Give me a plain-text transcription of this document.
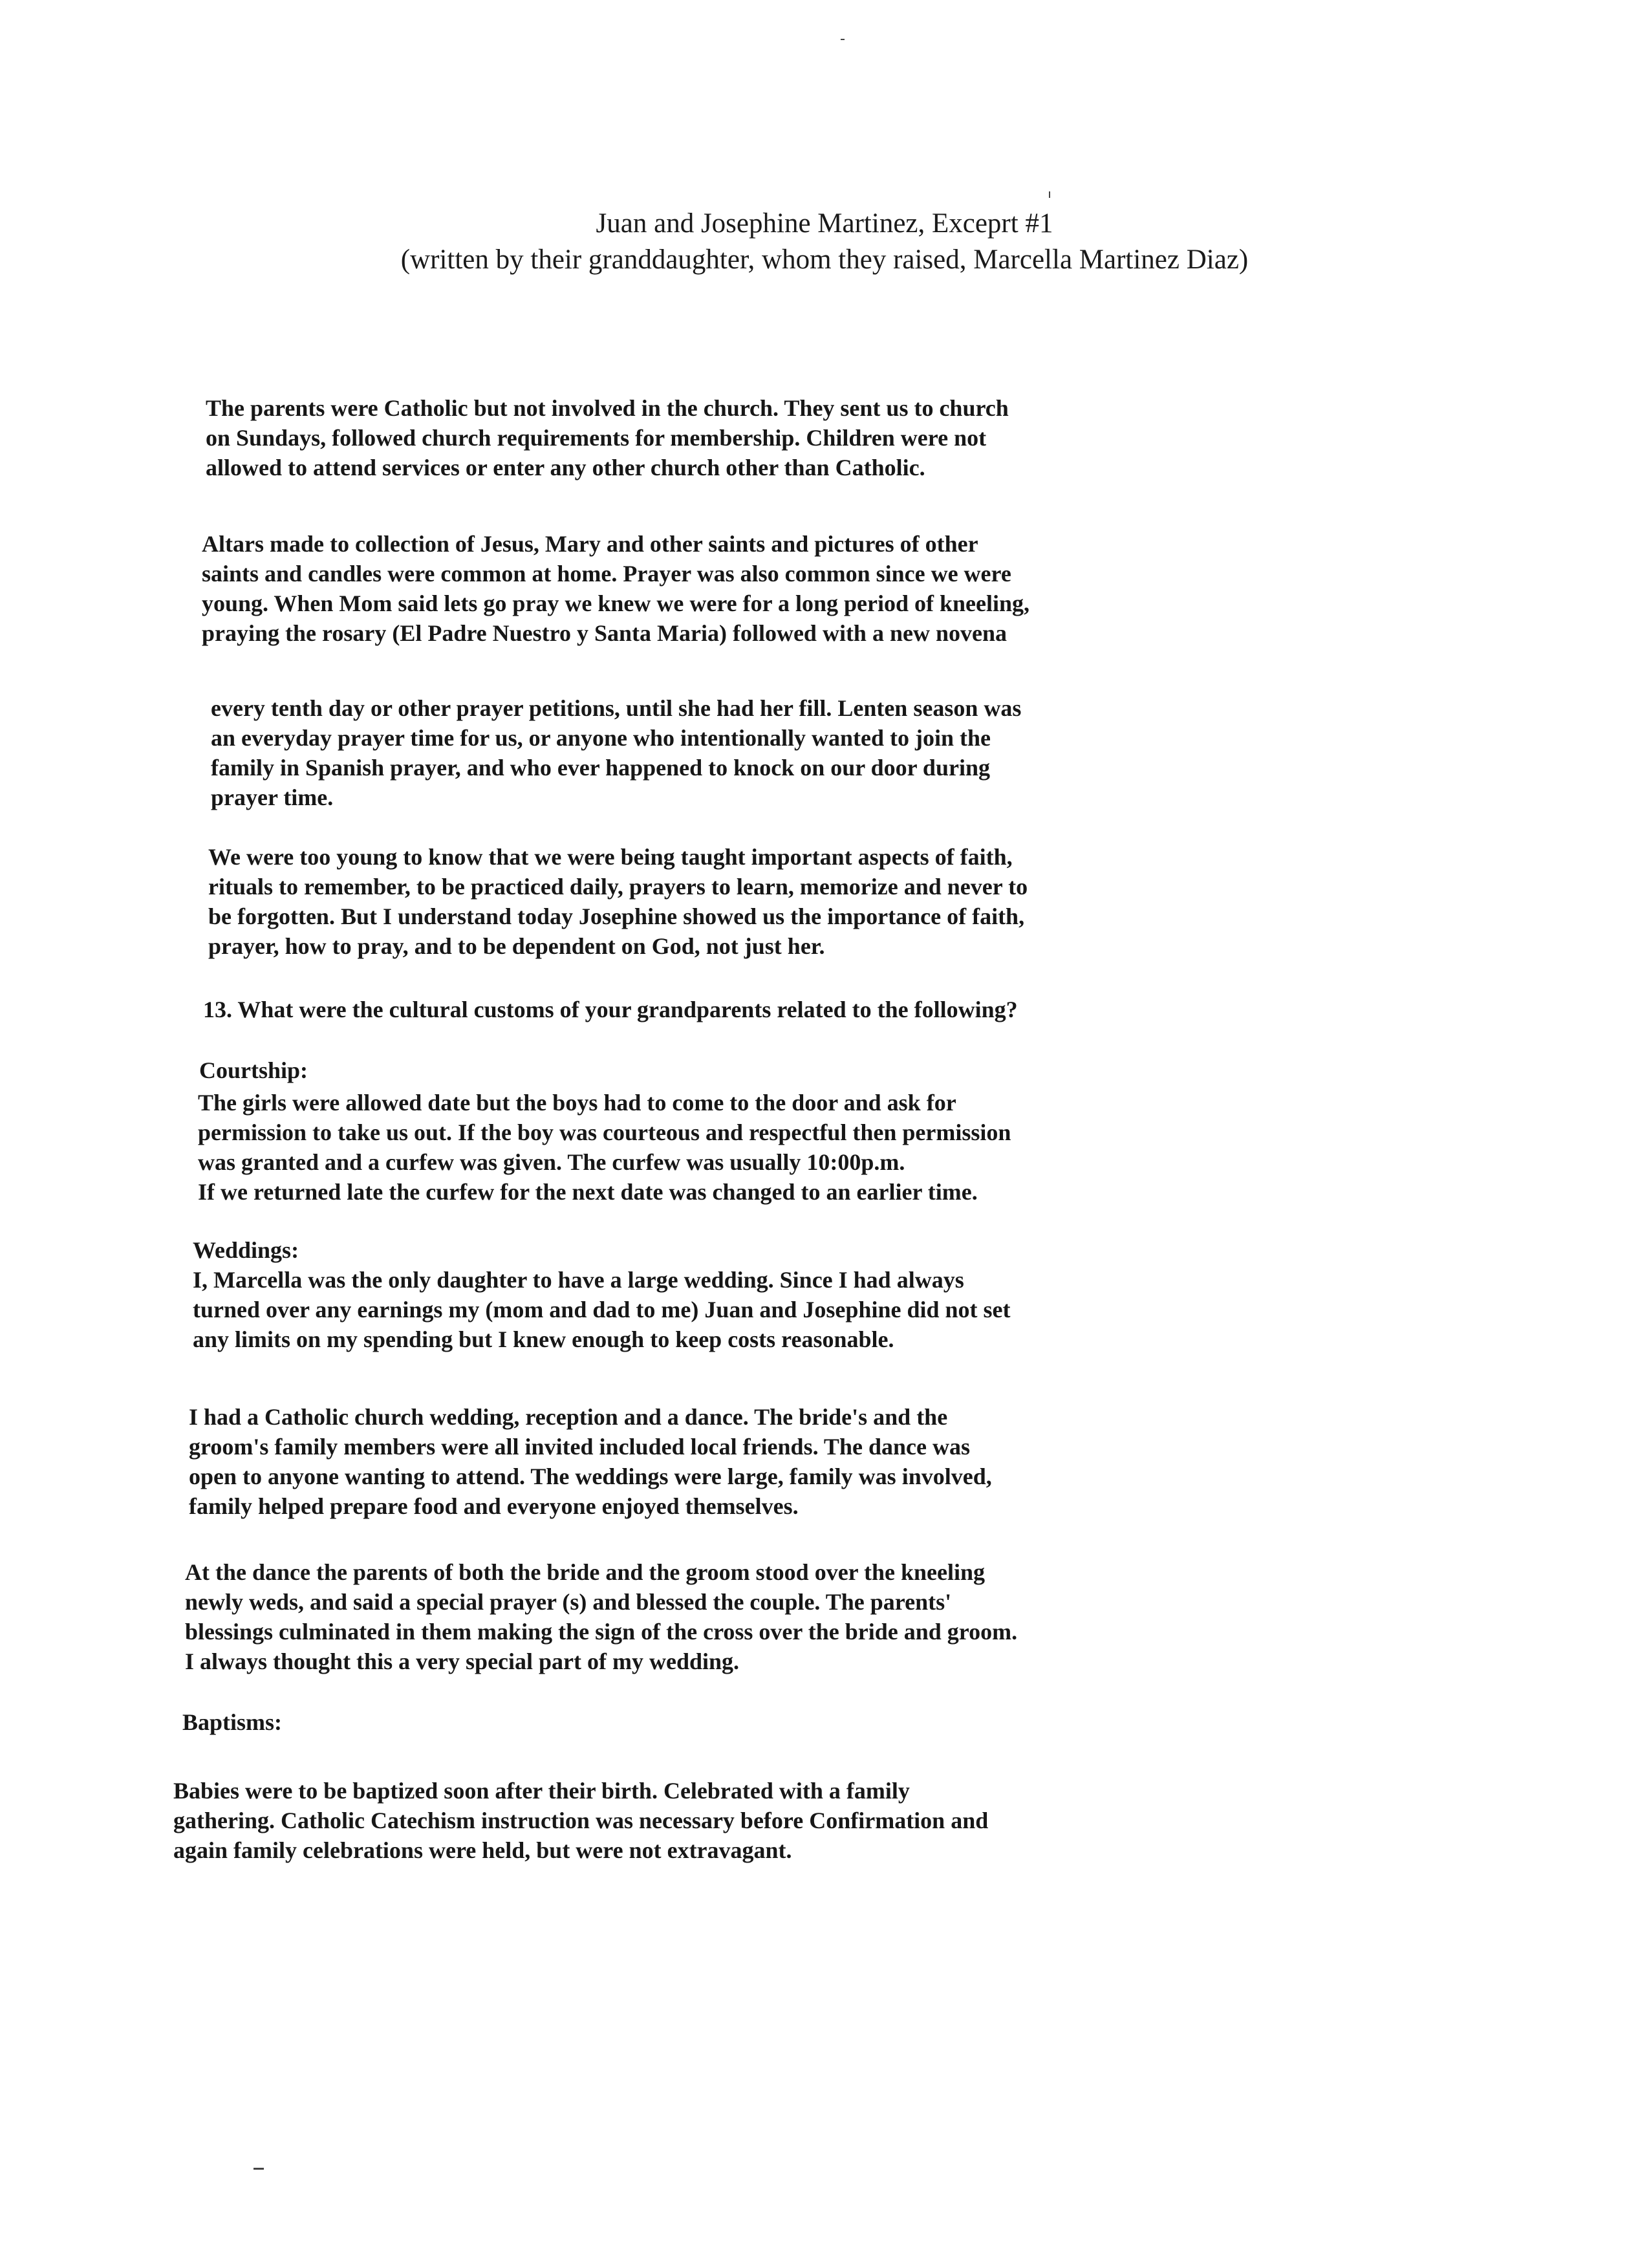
Juan and Josephine Martinez, Exceprt #1
(written by their granddaughter, whom they raised, Marcella Martinez Diaz)

The parents were Catholic but not involved in the church. They sent us to church
on Sundays, followed church requirements for membership. Children were not
allowed to attend services or enter any other church other than Catholic.

Altars made to collection of Jesus, Mary and other saints and pictures of other
saints and candles were common at home. Prayer was also common since we were
young. When Mom said lets go pray we knew we were for a long period of kneeling,
praying the rosary (El Padre Nuestro y Santa Maria) followed with a new novena

every tenth day or other prayer petitions, until she had her fill. Lenten season was
an everyday prayer time for us, or anyone who intentionally wanted to join the
family in Spanish prayer, and who ever happened to knock on our door during
prayer time.

We were too young to know that we were being taught important aspects of faith,
rituals to remember, to be practiced daily, prayers to learn, memorize and never to
be forgotten. But I understand today Josephine showed us the importance of faith,
prayer, how to pray, and to be dependent on God, not just her.

13. What were the cultural customs of your grandparents related to the following?

Courtship:

The girls were allowed date but the boys had to come to the door and ask for
permission to take us out. If the boy was courteous and respectful then permission
was granted and a curfew was given. The curfew was usually 10:00p.m.
If we returned late the curfew for the next date was changed to an earlier time.

Weddings:
I, Marcella was the only daughter to have a large wedding. Since I had always
turned over any earnings my (mom and dad to me) Juan and Josephine did not set
any limits on my spending but I knew enough to keep costs reasonable.

I had a Catholic church wedding, reception and a dance. The bride's and the
groom's family members were all invited included local friends. The dance was
open to anyone wanting to attend. The weddings were large, family was involved,
family helped prepare food and everyone enjoyed themselves.

At the dance the parents of both the bride and the groom stood over the kneeling
newly weds, and said a special prayer (s) and blessed the couple. The parents'
blessings culminated in them making the sign of the cross over the bride and groom.
I always thought this a very special part of my wedding.

Baptisms:

Babies were to be baptized soon after their birth. Celebrated with a family
gathering. Catholic Catechism instruction was necessary before Confirmation and
again family celebrations were held, but were not extravagant.
